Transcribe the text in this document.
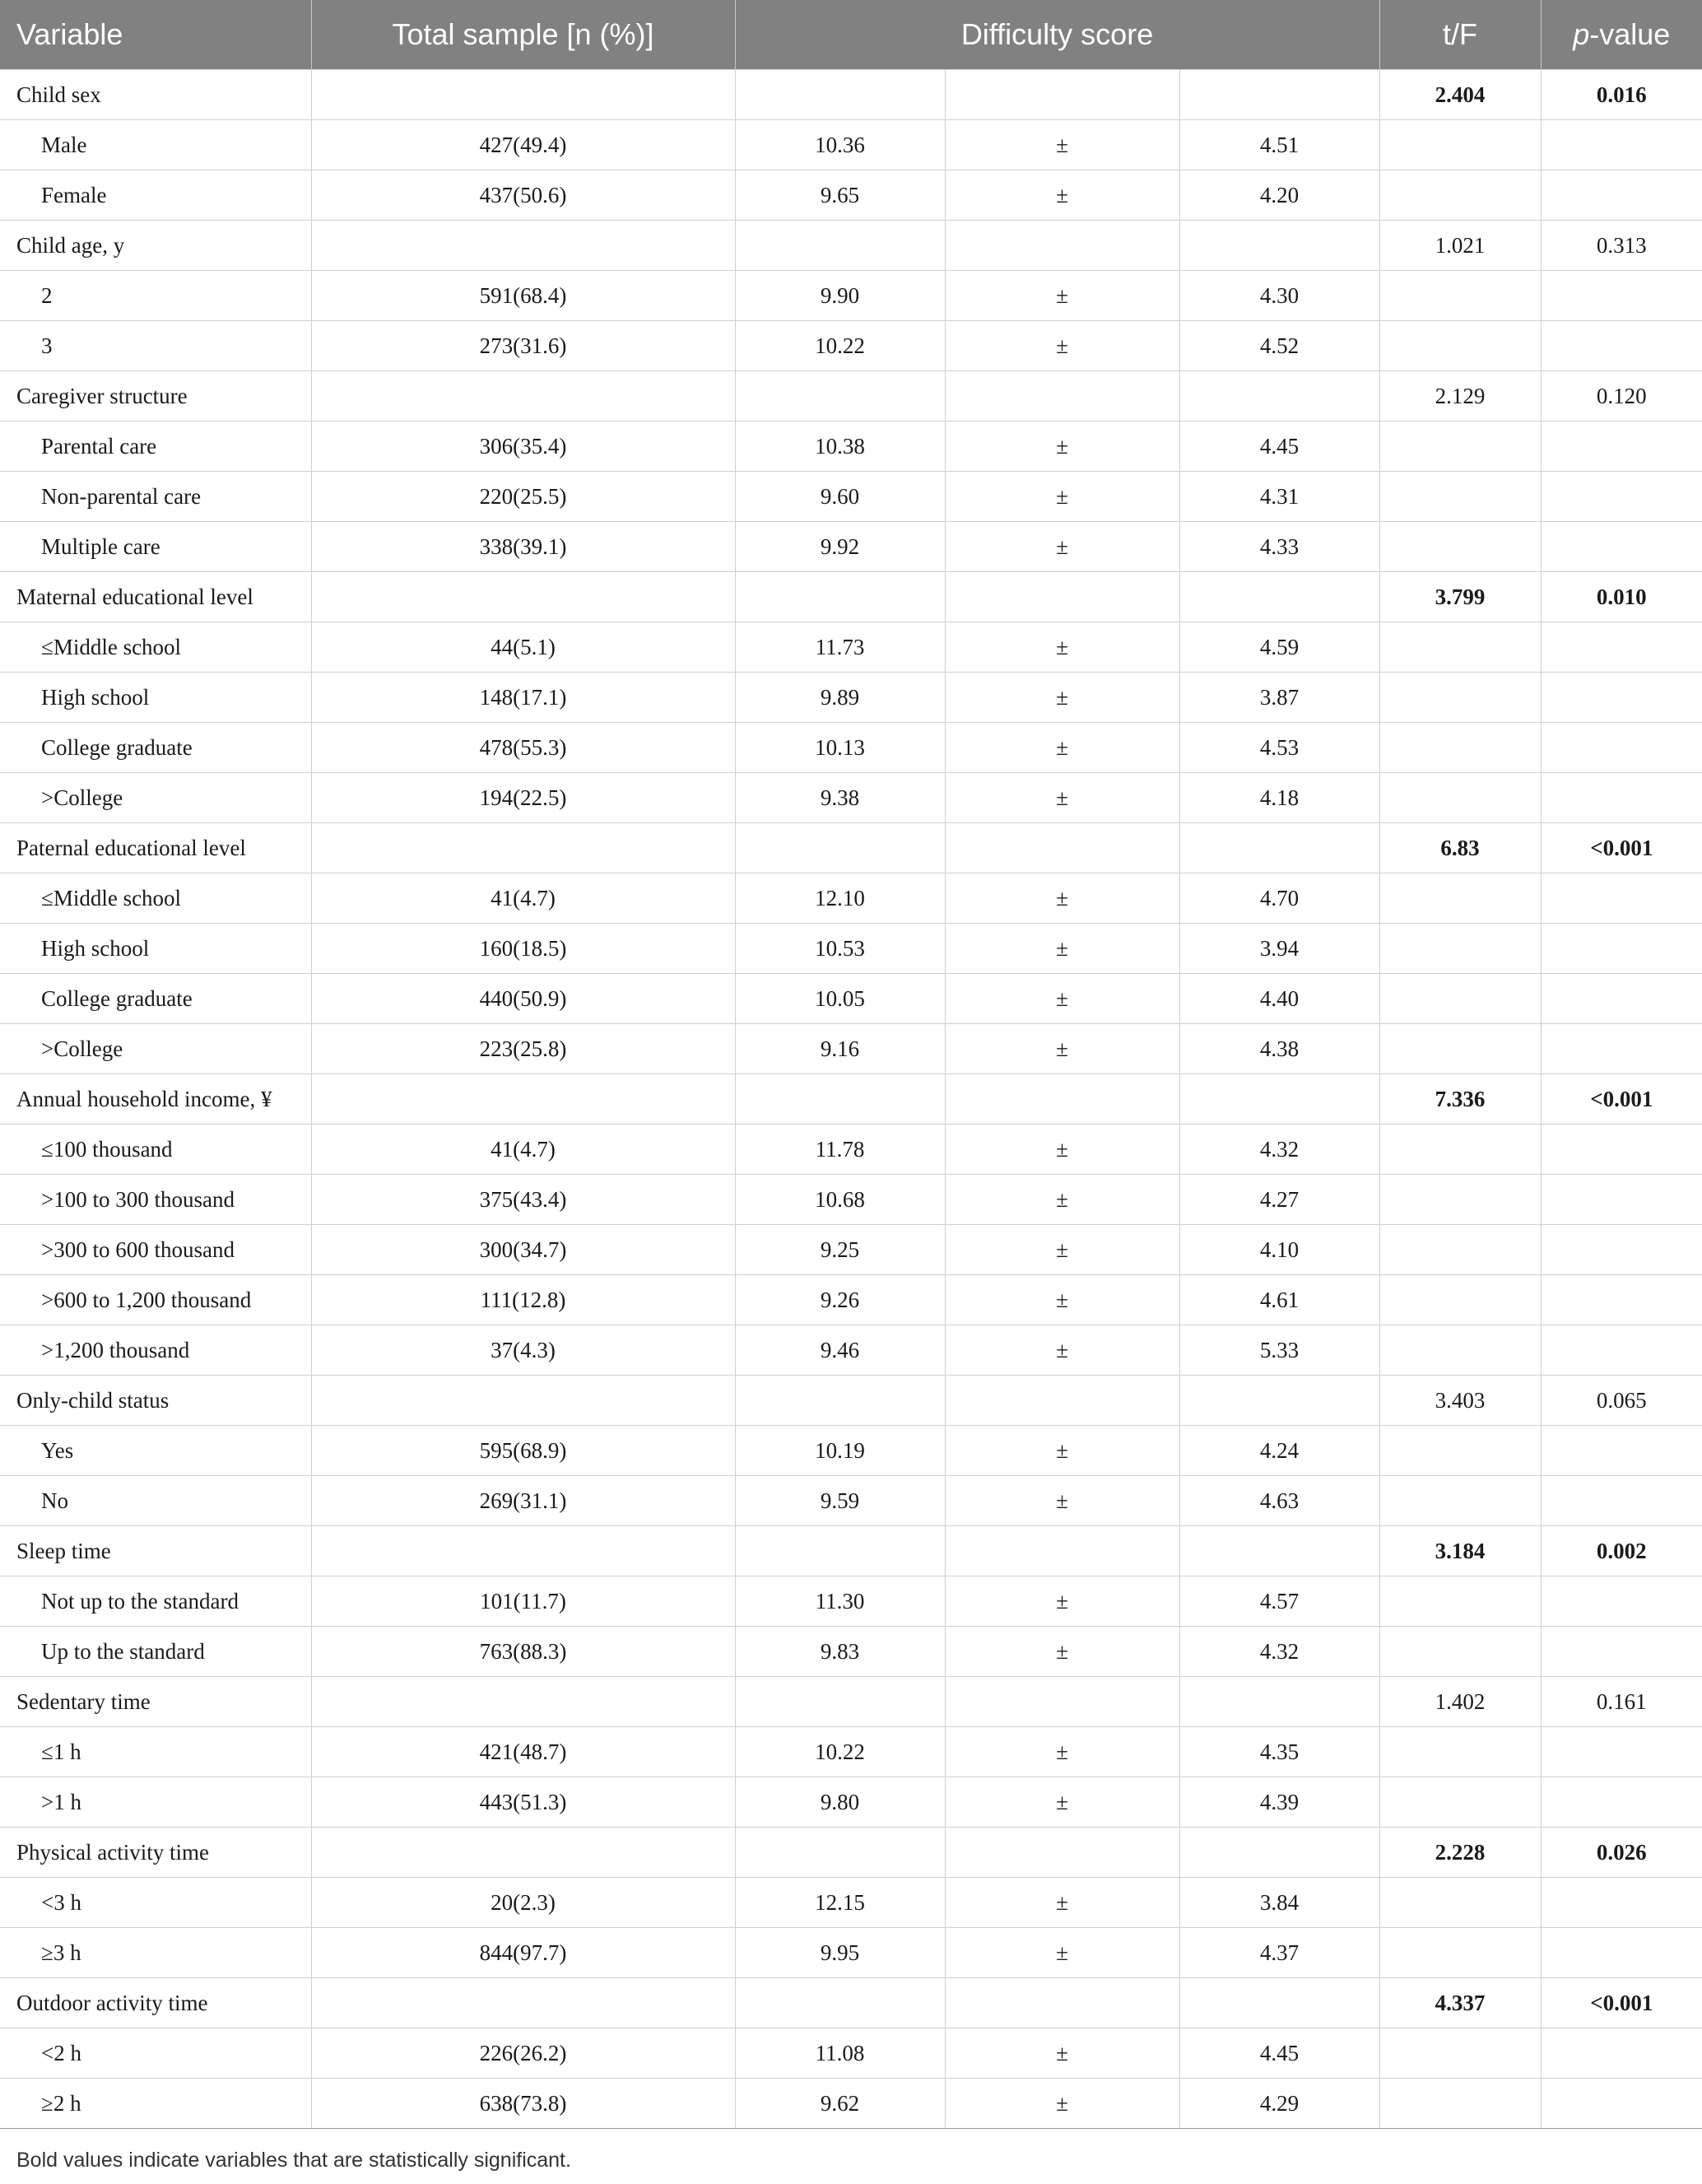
Variable	Total sample [n (%)]	Difficulty score			t/F	p-value
Child sex					2.404	0.016
Male	427(49.4)	10.36	±	4.51		
Female	437(50.6)	9.65	±	4.20		
Child age, y					1.021	0.313
2	591(68.4)	9.90	±	4.30		
3	273(31.6)	10.22	±	4.52		
Caregiver structure					2.129	0.120
Parental care	306(35.4)	10.38	±	4.45		
Non-parental care	220(25.5)	9.60	±	4.31		
Multiple care	338(39.1)	9.92	±	4.33		
Maternal educational level					3.799	0.010
≤Middle school	44(5.1)	11.73	±	4.59		
High school	148(17.1)	9.89	±	3.87		
College graduate	478(55.3)	10.13	±	4.53		
>College	194(22.5)	9.38	±	4.18		
Paternal educational level					6.83	<0.001
≤Middle school	41(4.7)	12.10	±	4.70		
High school	160(18.5)	10.53	±	3.94		
College graduate	440(50.9)	10.05	±	4.40		
>College	223(25.8)	9.16	±	4.38		
Annual household income, ¥					7.336	<0.001
≤100 thousand	41(4.7)	11.78	±	4.32		
>100 to 300 thousand	375(43.4)	10.68	±	4.27		
>300 to 600 thousand	300(34.7)	9.25	±	4.10		
>600 to 1,200 thousand	111(12.8)	9.26	±	4.61		
>1,200 thousand	37(4.3)	9.46	±	5.33		
Only-child status					3.403	0.065
Yes	595(68.9)	10.19	±	4.24		
No	269(31.1)	9.59	±	4.63		
Sleep time					3.184	0.002
Not up to the standard	101(11.7)	11.30	±	4.57		
Up to the standard	763(88.3)	9.83	±	4.32		
Sedentary time					1.402	0.161
≤1 h	421(48.7)	10.22	±	4.35		
>1 h	443(51.3)	9.80	±	4.39		
Physical activity time					2.228	0.026
<3 h	20(2.3)	12.15	±	3.84		
≥3 h	844(97.7)	9.95	±	4.37		
Outdoor activity time					4.337	<0.001
<2 h	226(26.2)	11.08	±	4.45		
≥2 h	638(73.8)	9.62	±	4.29		
Bold values indicate variables that are statistically significant.
